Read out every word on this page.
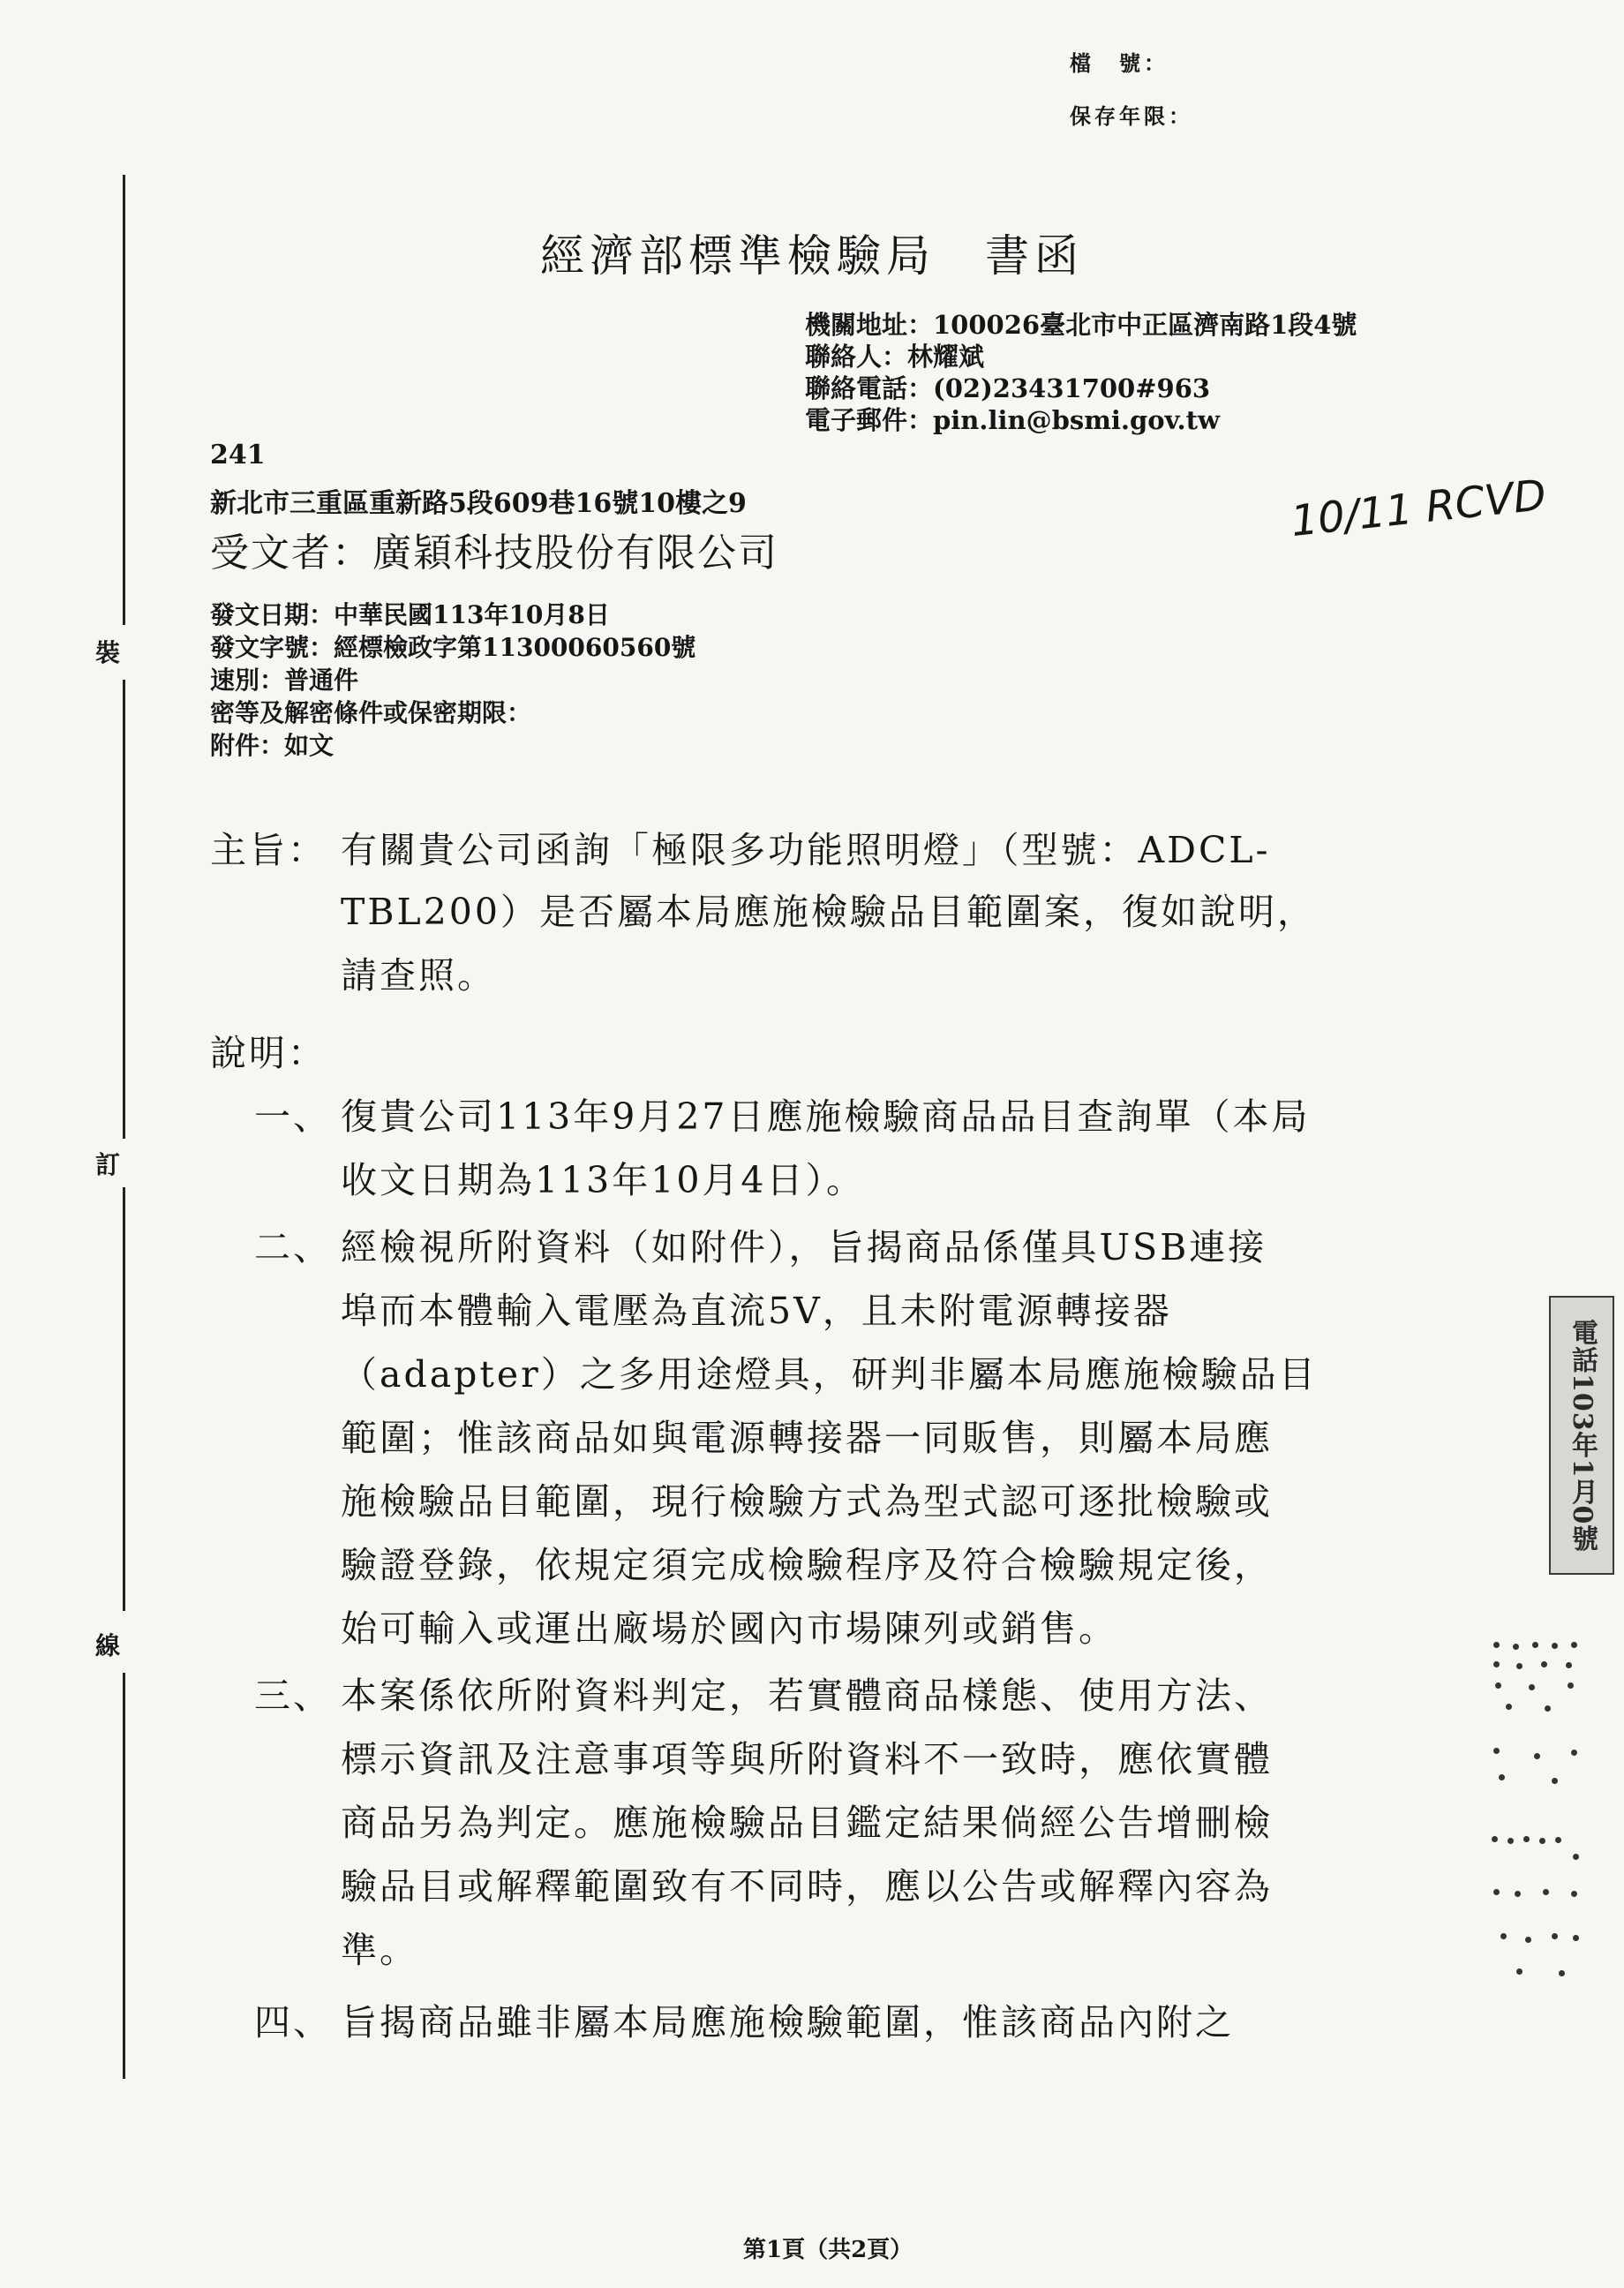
檔　號：
保存年限：
裝
訂
線
經濟部標準檢驗局　書函
機關地址：100026臺北市中正區濟南路1段4號
聯絡人：林耀斌
聯絡電話：(02)23431700#963
電子郵件：pin.lin@bsmi.gov.tw
241
新北市三重區重新路5段609巷16號10樓之9
受文者：廣穎科技股份有限公司
10/11 RCVD
發文日期：中華民國113年10月8日
發文字號：經標檢政字第11300060560號
速別：普通件
密等及解密條件或保密期限：
附件：如文
主旨： 有關貴公司函詢「極限多功能照明燈」（型號：ADCL-
TBL200）是否屬本局應施檢驗品目範圍案，復如說明，
請查照。
說明：
一、 復貴公司113年9月27日應施檢驗商品品目查詢單（本局
收文日期為113年10月4日）。
二、 經檢視所附資料（如附件），旨揭商品係僅具USB連接
埠而本體輸入電壓為直流5V，且未附電源轉接器
（adapter）之多用途燈具，研判非屬本局應施檢驗品目
範圍；惟該商品如與電源轉接器一同販售，則屬本局應
施檢驗品目範圍，現行檢驗方式為型式認可逐批檢驗或
驗證登錄，依規定須完成檢驗程序及符合檢驗規定後，
始可輸入或運出廠場於國內市場陳列或銷售。
三、 本案係依所附資料判定，若實體商品樣態、使用方法、
標示資訊及注意事項等與所附資料不一致時，應依實體
商品另為判定。應施檢驗品目鑑定結果倘經公告增刪檢
驗品目或解釋範圍致有不同時，應以公告或解釋內容為
準。
四、 旨揭商品雖非屬本局應施檢驗範圍，惟該商品內附之
電話103年1月0號
第1頁（共2頁）
